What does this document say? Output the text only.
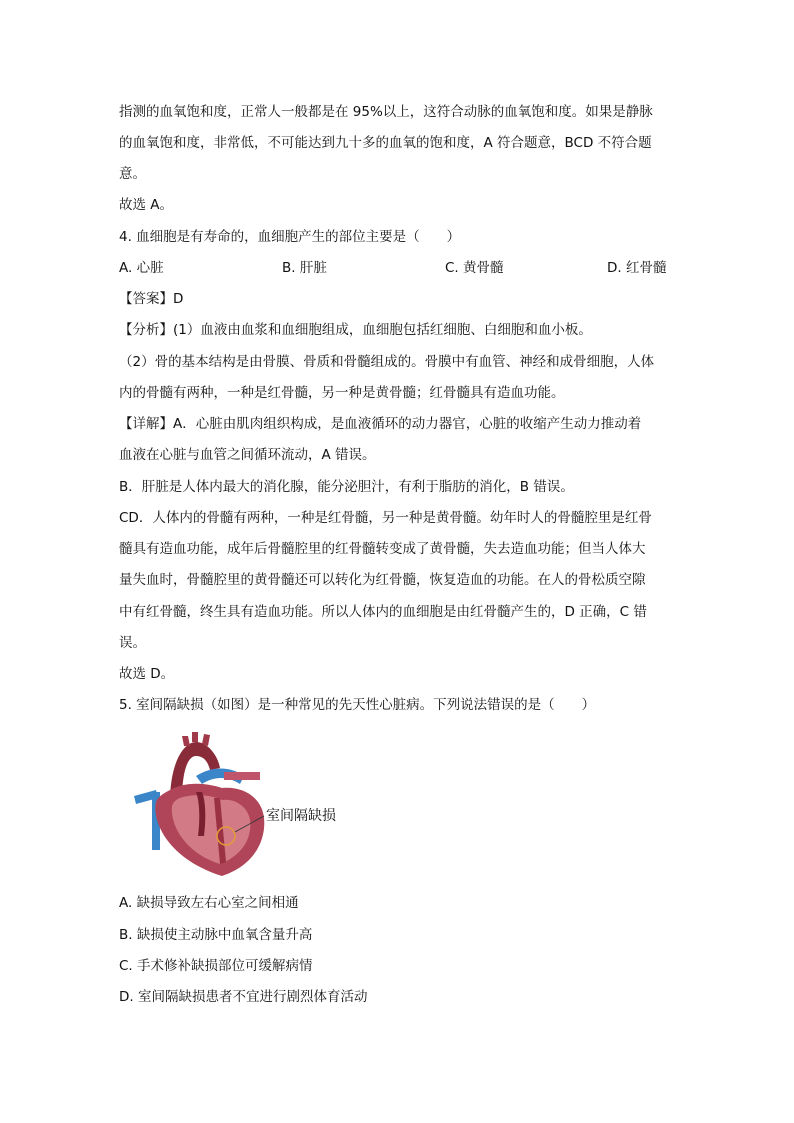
指测的血氧饱和度，正常人一般都是在 95%以上，这符合动脉的血氧饱和度。如果是静脉
的血氧饱和度，非常低，不可能达到九十多的血氧的饱和度，A 符合题意，BCD 不符合题
意。
故选 A。
4. 血细胞是有寿命的，血细胞产生的部位主要是（　　）
A. 心脏	B. 肝脏	C. 黄骨髓	D. 红骨髓
【答案】D
【分析】(1）血液由血浆和血细胞组成，血细胞包括红细胞、白细胞和血小板。
（2）骨的基本结构是由骨膜、骨质和骨髓组成的。骨膜中有血管、神经和成骨细胞，人体
内的骨髓有两种，一种是红骨髓，另一种是黄骨髓；红骨髓具有造血功能。
【详解】A．心脏由肌肉组织构成，是血液循环的动力器官，心脏的收缩产生动力推动着
血液在心脏与血管之间循环流动，A 错误。
B．肝脏是人体内最大的消化腺，能分泌胆汁，有利于脂肪的消化，B 错误。
CD．人体内的骨髓有两种，一种是红骨髓，另一种是黄骨髓。幼年时人的骨髓腔里是红骨
髓具有造血功能，成年后骨髓腔里的红骨髓转变成了黄骨髓，失去造血功能；但当人体大
量失血时，骨髓腔里的黄骨髓还可以转化为红骨髓，恢复造血的功能。在人的骨松质空隙
中有红骨髓，终生具有造血功能。所以人体内的血细胞是由红骨髓产生的，D 正确，C 错
误。
故选 D。
5. 室间隔缺损（如图）是一种常见的先天性心脏病。下列说法错误的是（　　）
室间隔缺损
A. 缺损导致左右心室之间相通
B. 缺损使主动脉中血氧含量升高
C. 手术修补缺损部位可缓解病情
D. 室间隔缺损患者不宜进行剧烈体育活动
